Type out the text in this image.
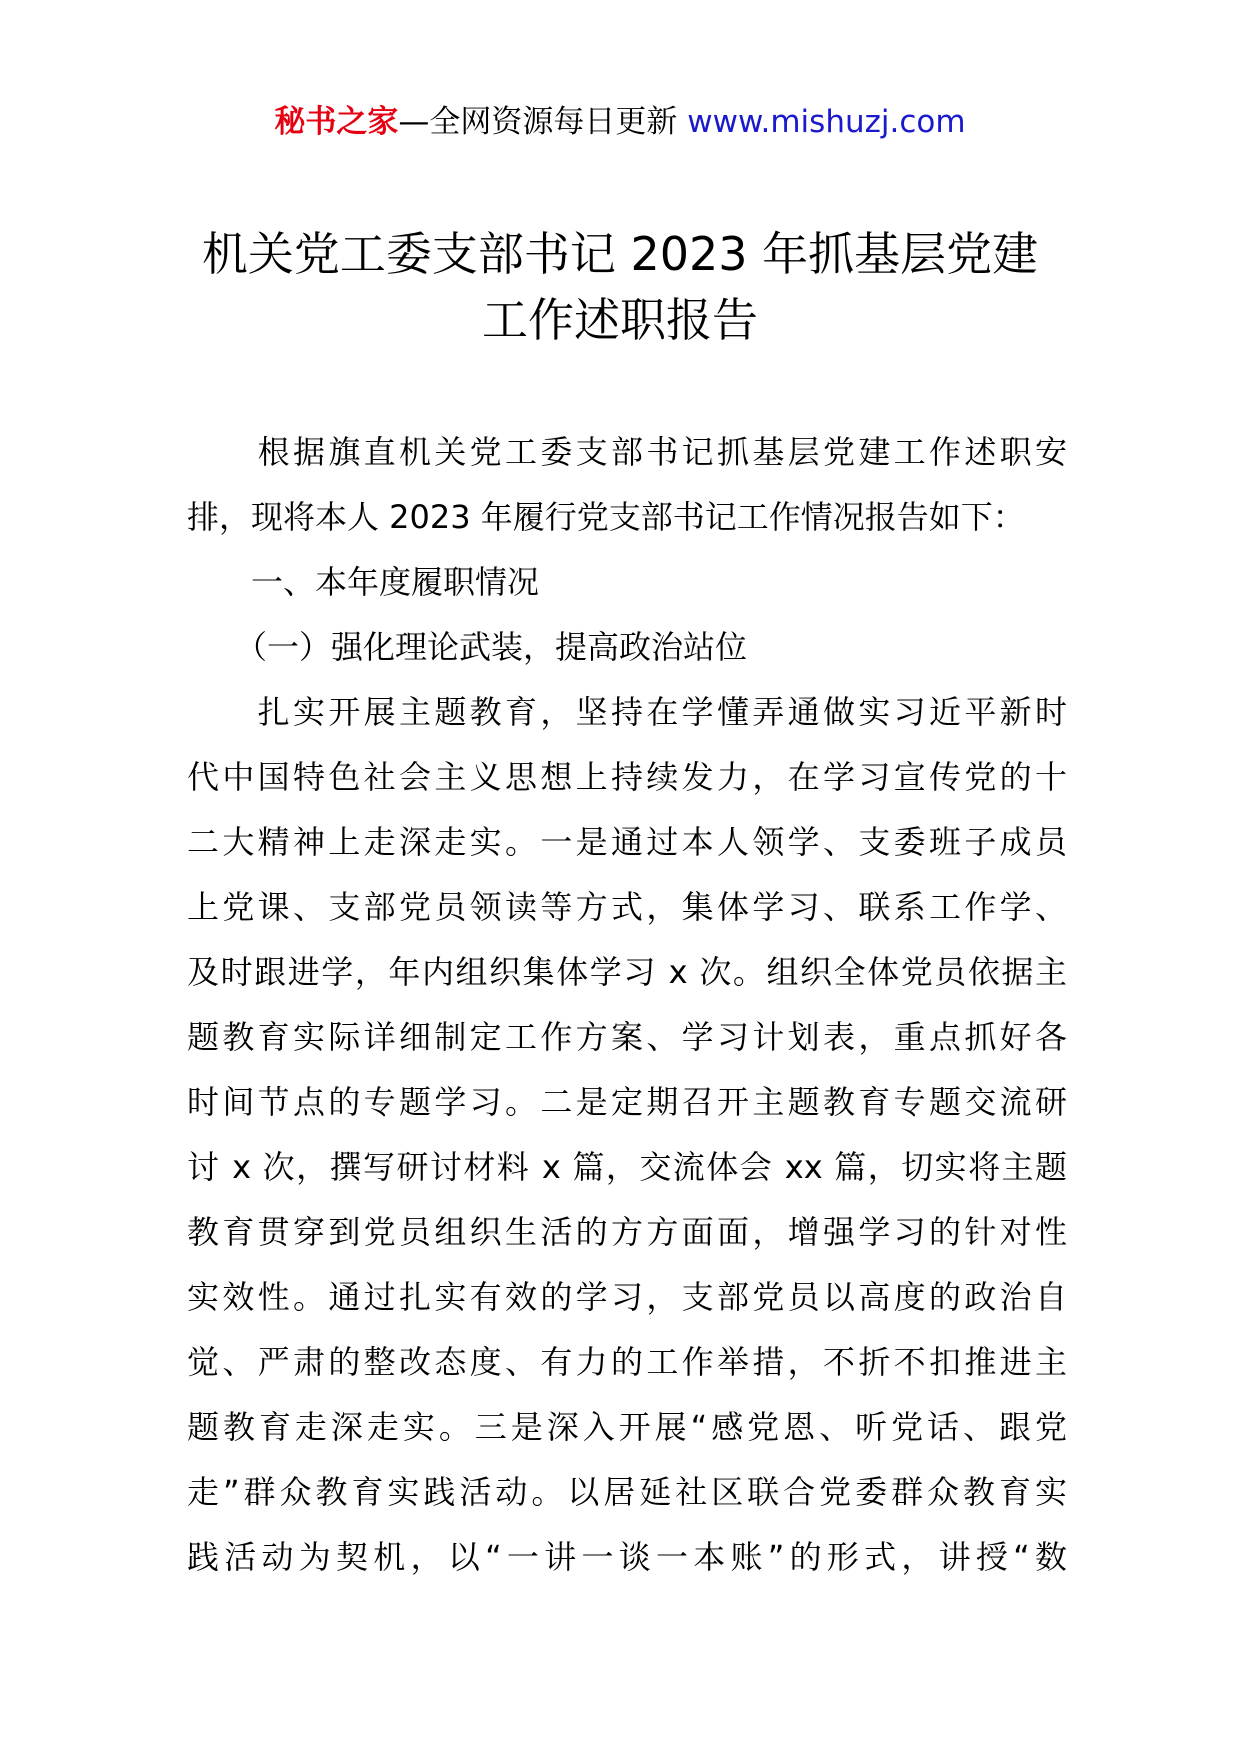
秘书之家—全网资源每日更新 www.mishuzj.com
机关党工委支部书记 2023 年抓基层党建
工作述职报告
　　根据旗直机关党工委支部书记抓基层党建工作述职安
排，现将本人 2023 年履行党支部书记工作情况报告如下：
　　一、本年度履职情况
　　（一）强化理论武装，提高政治站位
　　扎实开展主题教育，坚持在学懂弄通做实习近平新时
代中国特色社会主义思想上持续发力，在学习宣传党的十
二大精神上走深走实。一是通过本人领学、支委班子成员
上党课、支部党员领读等方式，集体学习、联系工作学、
及时跟进学，年内组织集体学习 x 次。组织全体党员依据主
题教育实际详细制定工作方案、学习计划表，重点抓好各
时间节点的专题学习。二是定期召开主题教育专题交流研
讨 x 次，撰写研讨材料 x 篇，交流体会 xx 篇，切实将主题
教育贯穿到党员组织生活的方方面面，增强学习的针对性
实效性。通过扎实有效的学习，支部党员以高度的政治自
觉、严肃的整改态度、有力的工作举措，不折不扣推进主
题教育走深走实。三是深入开展“感党恩、听党话、跟党
走”群众教育实践活动。以居延社区联合党委群众教育实
践活动为契机，以“一讲一谈一本账”的形式，讲授“数
